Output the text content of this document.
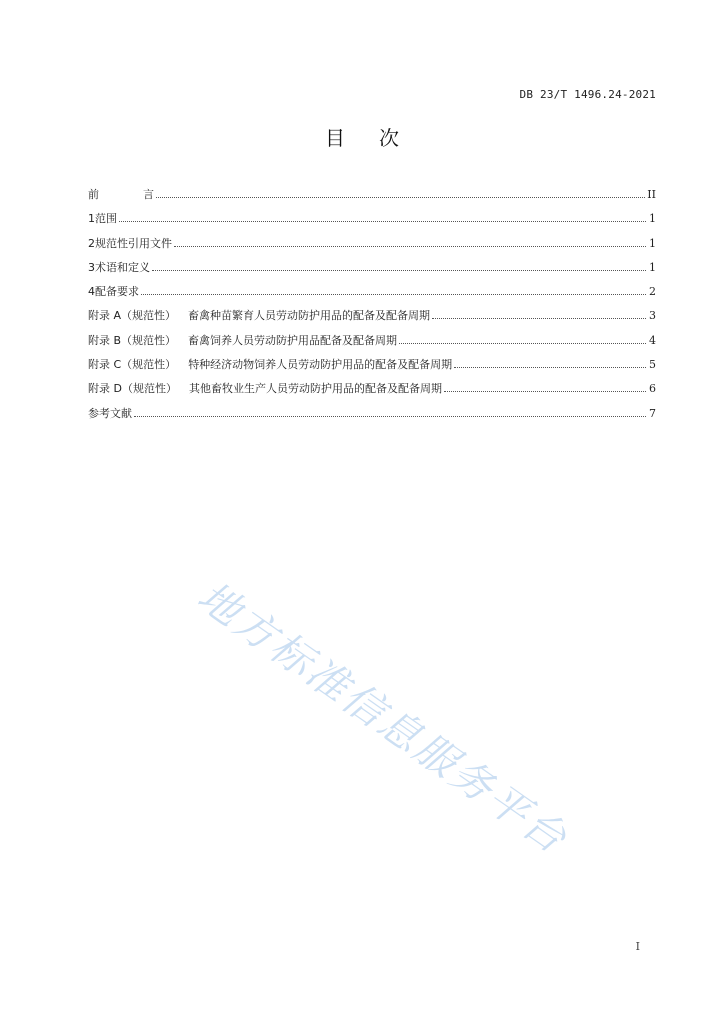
DB 23/T 1496.24-2021
目 次
前	言	II
1 范围	1
2 规范性引用文件	1
3 术语和定义	1
4 配备要求	2
附录 A（规范性） 畜禽种苗繁育人员劳动防护用品的配备及配备周期	3
附录 B（规范性） 畜禽饲养人员劳动防护用品配备及配备周期	4
附录 C（规范性） 特种经济动物饲养人员劳动防护用品的配备及配备周期	5
附录 D（规范性） 其他畜牧业生产人员劳动防护用品的配备及配备周期	6
参考文献	7
地方标准信息服务平台
I
